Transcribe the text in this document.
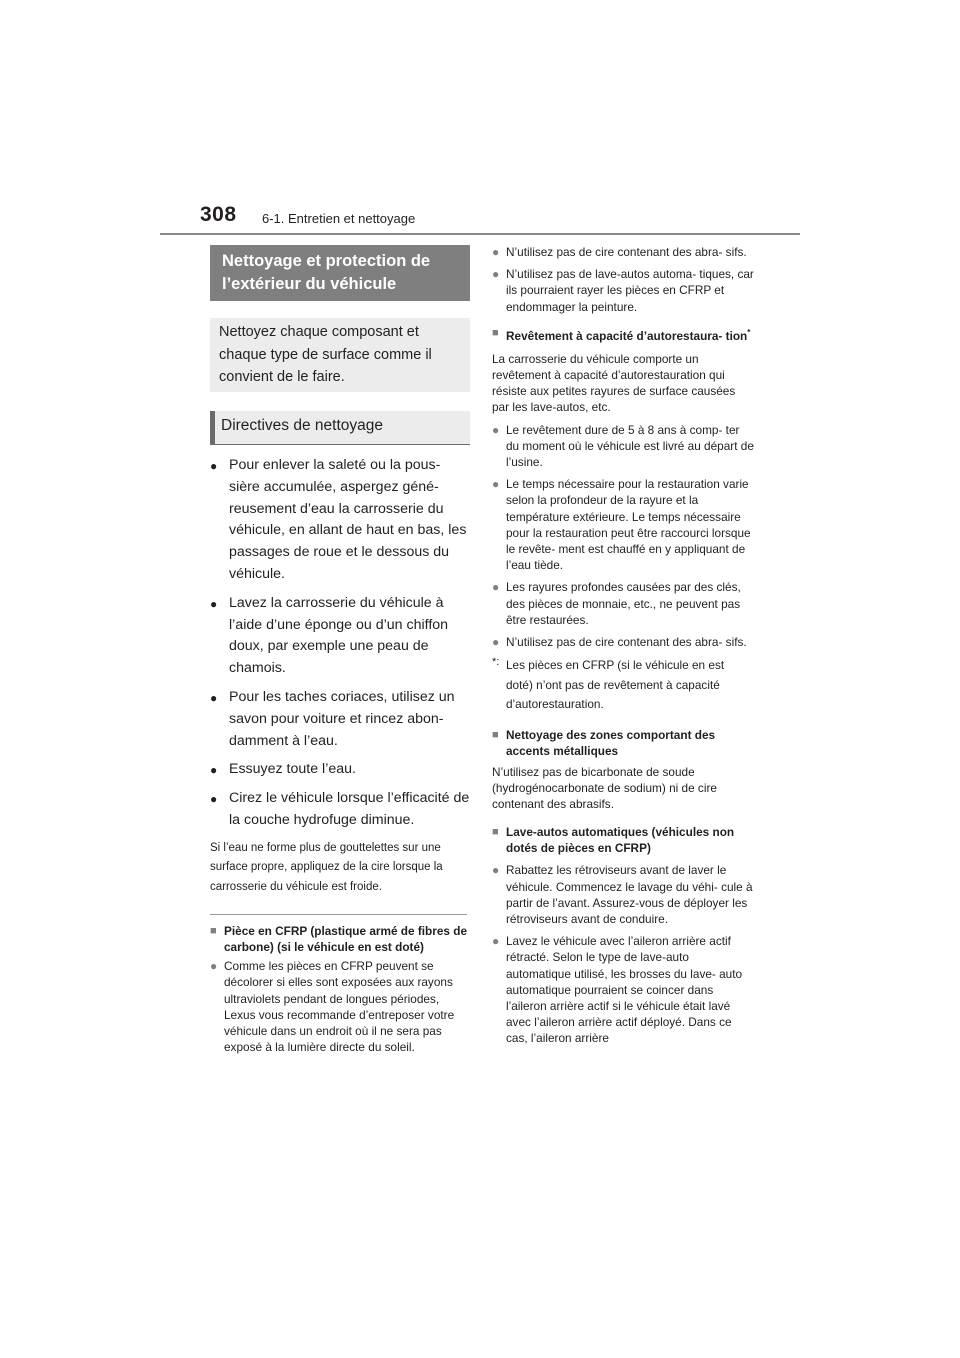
308 6-1. Entretien et nettoyage
Nettoyage et protection de l’extérieur du véhicule
Nettoyez chaque composant et chaque type de surface comme il convient de le faire.
Directives de nettoyage
● Pour enlever la saleté ou la pous- sière accumulée, aspergez géné- reusement d’eau la carrosserie du véhicule, en allant de haut en bas, les passages de roue et le dessous du véhicule.
● Lavez la carrosserie du véhicule à l’aide d’une éponge ou d’un chiffon doux, par exemple une peau de chamois.
● Pour les taches coriaces, utilisez un savon pour voiture et rincez abon- damment à l’eau.
● Essuyez toute l’eau.
● Cirez le véhicule lorsque l’efficacité de la couche hydrofuge diminue.

Si l’eau ne forme plus de gouttelettes sur une surface propre, appliquez de la cire lorsque la carrosserie du véhicule est froide.

■ Pièce en CFRP (plastique armé de fibres de carbone) (si le véhicule en est doté)
● Comme les pièces en CFRP peuvent se décolorer si elles sont exposées aux rayons ultraviolets pendant de longues périodes, Lexus vous recommande d’entreposer votre véhicule dans un endroit où il ne sera pas exposé à la lumière directe du soleil.
● N’utilisez pas de cire contenant des abra- sifs.
● N’utilisez pas de lave-autos automa- tiques, car ils pourraient rayer les pièces en CFRP et endommager la peinture.
■ Revêtement à capacité d’autorestaura- tion*

La carrosserie du véhicule comporte un revêtement à capacité d’autorestauration qui résiste aux petites rayures de surface causées par les lave-autos, etc.

● Le revêtement dure de 5 à 8 ans à comp- ter du moment où le véhicule est livré au départ de l’usine.
● Le temps nécessaire pour la restauration varie selon la profondeur de la rayure et la température extérieure. Le temps nécessaire pour la restauration peut être raccourci lorsque le revête- ment est chauffé en y appliquant de l’eau tiède.
● Les rayures profondes causées par des clés, des pièces de monnaie, etc., ne peuvent pas être restaurées.
● N’utilisez pas de cire contenant des abra- sifs.
*: Les pièces en CFRP (si le véhicule en est doté) n’ont pas de revêtement à capacité d’autorestauration.
■ Nettoyage des zones comportant des accents métalliques

N’utilisez pas de bicarbonate de soude (hydrogénocarbonate de sodium) ni de cire contenant des abrasifs.

■ Lave-autos automatiques (véhicules non dotés de pièces en CFRP)
● Rabattez les rétroviseurs avant de laver le véhicule. Commencez le lavage du véhi- cule à partir de l’avant. Assurez-vous de déployer les rétroviseurs avant de conduire.
● Lavez le véhicule avec l’aileron arrière actif rétracté. Selon le type de lave-auto automatique utilisé, les brosses du lave- auto automatique pourraient se coincer dans l’aileron arrière actif si le véhicule était lavé avec l’aileron arrière actif déployé. Dans ce cas, l’aileron arrière
